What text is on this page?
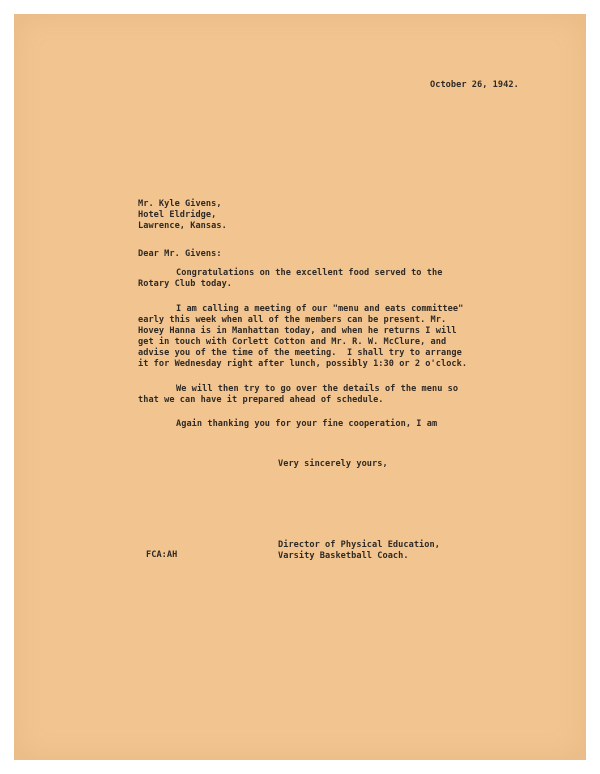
October 26, 1942.
Mr. Kyle Givens,
Hotel Eldridge,
Lawrence, Kansas.
Dear Mr. Givens:
Congratulations on the excellent food served to the
Rotary Club today.
I am calling a meeting of our "menu and eats committee"
early this week when all of the members can be present. Mr.
Hovey Hanna is in Manhattan today, and when he returns I will
get in touch with Corlett Cotton and Mr. R. W. McClure, and
advise you of the time of the meeting.  I shall try to arrange
it for Wednesday right after lunch, possibly 1:30 or 2 o'clock.
We will then try to go over the details of the menu so
that we can have it prepared ahead of schedule.
Again thanking you for your fine cooperation, I am
Very sincerely yours,
Director of Physical Education,
Varsity Basketball Coach.
FCA:AH
